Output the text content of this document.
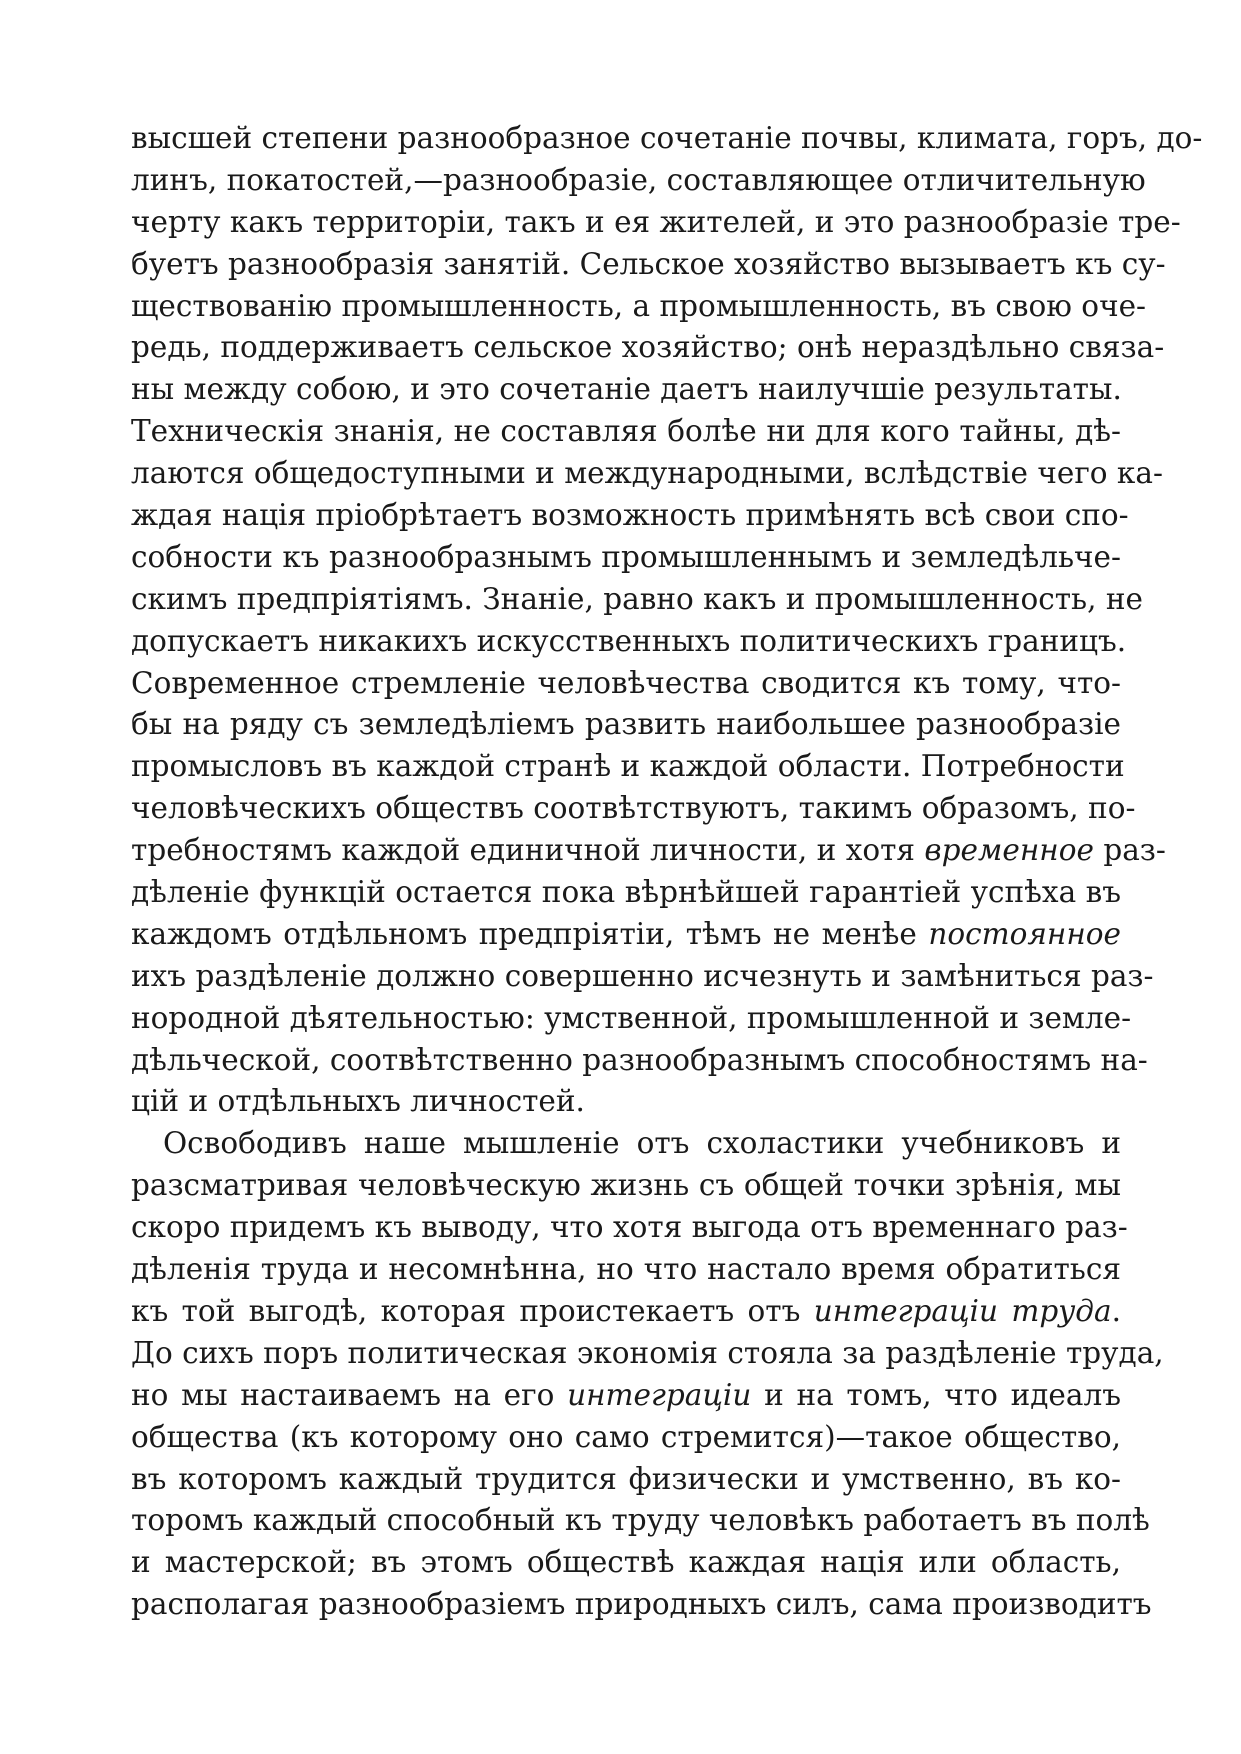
высшей степени разнообразное сочетаніе почвы, климата, горъ, до-
линъ, покатостей,—разнообразіе, составляющее отличительную
черту какъ территоріи, такъ и ея жителей, и это разнообразіе тре-
буетъ разнообразія занятій. Сельское хозяйство вызываетъ къ су-
ществованію промышленность, а промышленность, въ свою оче-
редь, поддерживаетъ сельское хозяйство; онѣ нераздѣльно связа-
ны между собою, и это сочетаніе даетъ наилучшіе результаты.
Техническія знанія, не составляя болѣе ни для кого тайны, дѣ-
лаются общедоступными и международными, вслѣдствіе чего ка-
ждая нація пріобрѣтаетъ возможность примѣнять всѣ свои спо-
собности къ разнообразнымъ промышленнымъ и земледѣльче-
скимъ предпріятіямъ. Знаніе, равно какъ и промышленность, не
допускаетъ никакихъ искусственныхъ политическихъ границъ.
Современное стремленіе человѣчества сводится къ тому, что-
бы на ряду съ земледѣліемъ развить наибольшее разнообразіе
промысловъ въ каждой странѣ и каждой области. Потребности
человѣческихъ обществъ соотвѣтствуютъ, такимъ образомъ, по-
требностямъ каждой единичной личности, и хотя временное раз-
дѣленіе функцій остается пока вѣрнѣйшей гарантіей успѣха въ
каждомъ отдѣльномъ предпріятіи, тѣмъ не менѣе постоянное
ихъ раздѣленіе должно совершенно исчезнуть и замѣниться раз-
нородной дѣятельностью: умственной, промышленной и земле-
дѣльческой, соотвѣтственно разнообразнымъ способностямъ на-
цій и отдѣльныхъ личностей.
Освободивъ наше мышленіе отъ схоластики учебниковъ и
разсматривая человѣческую жизнь съ общей точки зрѣнія, мы
скоро придемъ къ выводу, что хотя выгода отъ временнаго раз-
дѣленія труда и несомнѣнна, но что настало время обратиться
къ той выгодѣ, которая проистекаетъ отъ интеграціи труда.
До сихъ поръ политическая экономія стояла за раздѣленіе труда,
но мы настаиваемъ на его интеграціи и на томъ, что идеалъ
общества (къ которому оно само стремится)—такое общество,
въ которомъ каждый трудится физически и умственно, въ ко-
торомъ каждый способный къ труду человѣкъ работаетъ въ полѣ
и мастерской; въ этомъ обществѣ каждая нація или область,
располагая разнообразіемъ природныхъ силъ, сама производитъ
